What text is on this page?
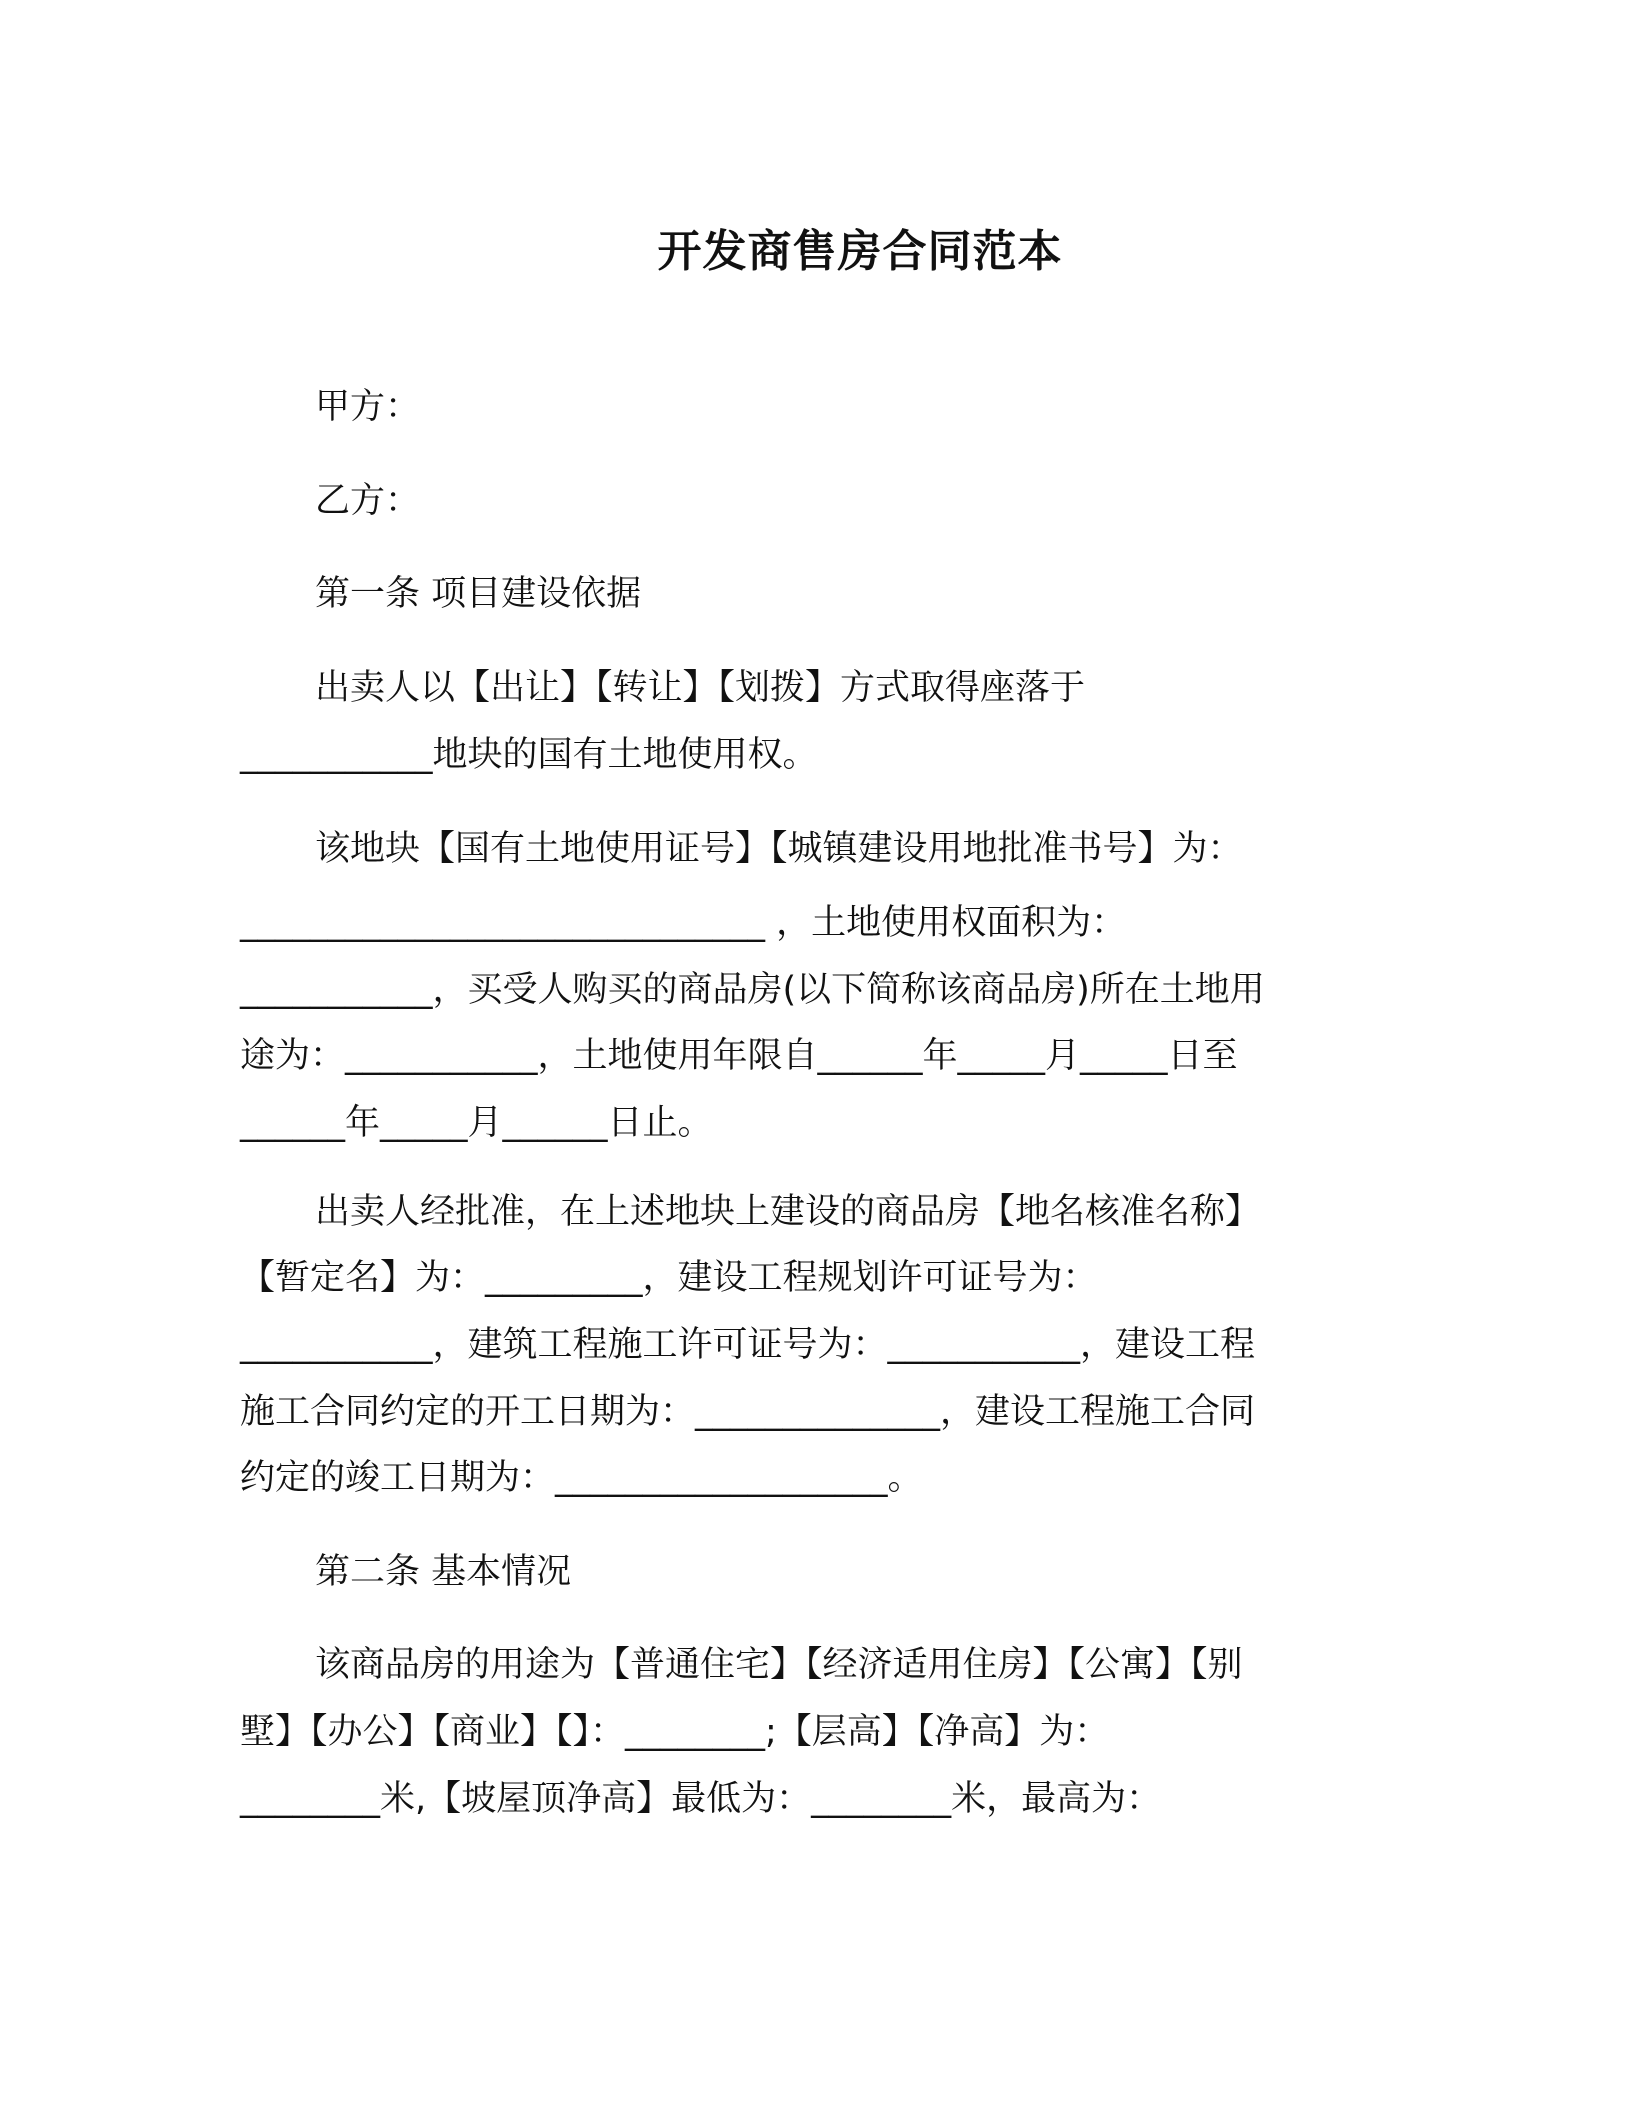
开发商售房合同范本
甲方：
乙方：
第一条 项目建设依据
出卖人以【出让】【转让】【划拨】方式取得座落于
___________地块的国有土地使用权。
该地块【国有土地使用证号】【城镇建设用地批准书号】为：
______________________________ ，土地使用权面积为：
___________，买受人购买的商品房(以下简称该商品房)所在土地用
途为：___________，土地使用年限自______年_____月_____日至
______年_____月______日止。
出卖人经批准，在上述地块上建设的商品房【地名核准名称】
【暂定名】为：_________，建设工程规划许可证号为：
___________，建筑工程施工许可证号为：___________，建设工程
施工合同约定的开工日期为：______________，建设工程施工合同
约定的竣工日期为：___________________。
第二条 基本情况
该商品房的用途为【普通住宅】【经济适用住房】【公寓】【别
墅】【办公】【商业】【】：________;【层高】【净高】为：
________米,【坡屋顶净高】最低为：________米，最高为：
